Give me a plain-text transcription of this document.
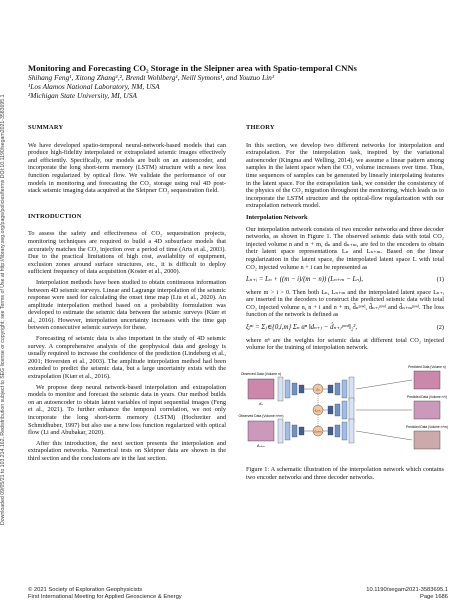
Downloaded 09/05/21 to 103.214.162. Redistribution subject to SEG license or copyright; see Terms of Use at http://library.seg.org/page/policies/terms DOI:10.1190/segam2021-3583695.1
Monitoring and Forecasting CO₂ Storage in the Sleipner area with Spatio-temporal CNNs
Shihang Feng¹, Xitong Zhang¹,², Brendt Wohlberg¹, Neill Symons¹, and Youzuo Lin¹
¹Los Alamos National Laboratory, NM, USA
²Michigan State University, MI, USA
SUMMARY

We have developed spatio-temporal neural-network-based models that can produce high-fidelity interpolated or extrapolated seismic images effectively and efficiently. Specifically, our models are built on an autoencoder, and incorporate the long short-term memory (LSTM) structure with a new loss function regularized by optical flow. We validate the performance of our models in monitoring and forecasting the CO₂ storage using real 4D post-stack seismic imaging data acquired at the Sleipner CO₂ sequestration field.

INTRODUCTION

To assess the safety and effectiveness of CO₂ sequestration projects, monitoring techniques are required to build a 4D subsurface models that accurately matches the CO₂ injection over a period of time (Arts et al., 2003). Due to the practical limitations of high cost, availability of equipment, exclusion zones around surface structures, etc., it is difficult to deploy sufficient frequency of data acquisition (Koster et al., 2000).

Interpolation methods have been studied to obtain continuous information between 4D seismic surveys. Linear and Lagrange interpolation of the seismic response were used for calculating the onset time map (Liu et al., 2020). An amplitude interpolation method based on a probability formulation was developed to estimate the seismic data between the seismic surveys (Kiær et al., 2016). However, interpolation uncertainty increases with the time gap between consecutive seismic surveys for these.

Forecasting of seismic data is also important in the study of 4D seismic survey. A comprehensive analysis of the geophysical data and geology is usually required to increase the confidence of the prediction (Lindeberg et al., 2001; Hoversten et al., 2003). The amplitude interpolation method had been extended to predict the seismic data, but a large uncertainty exists with the extrapolation (Kiær et al., 2016).

We propose deep neural network-based interpolation and extrapolation models to monitor and forecast the seismic data in years. Our method builds on an autoencoder to obtain latent variables of input sequential images (Feng et al., 2021). To further enhance the temporal correlation, we not only incorporate the long short-term memory (LSTM) (Hochreiter and Schmidhuber, 1997) but also use a new loss function regularized with optical flow (Li and Abubakar, 2020).

After this introduction, the next section presents the interpolation and extrapolation networks. Numerical tests on Sleipner data are shown in the third section and the conclusions are in the last section.

THEORY

In this section, we develop two different networks for interpolation and extrapolation. For the interpolation task, inspired by the variational autoencoder (Kingma and Welling, 2014), we assume a linear pattern among samples in the latent space when the CO₂ volume increases over time. Thus, time sequences of samples can be generated by linearly interpolating features in the latent space. For the extrapolation task, we consider the consistency of the physics of the CO₂ migration throughout the monitoring, which leads us to incorporate the LSTM structure and the optical-flow regularization with our extrapolation network model.

Interpolation Network

Our interpolation network consists of two encoder networks and three decoder networks, as shown in Figure 1. The observed seismic data with total CO₂ injected volume n and n + m, dₙ and dₙ₊ₘ, are fed to the encoders to obtain their latent space representations Lₙ and Lₙ₊ₘ. Based on the linear regularization in the latent space, the interpolated latent space L with total CO₂ injected volume n + i can be represented as

Lₙ₊ᵢ = Lₙ + ((m − i)/(m − n)) (Lₙ₊ₘ − Lₙ),	(1)

where m > i > 0. Then both Lₙ, Lₙ₊ₘ and the interpolated latent space Lₙ₊ᵢ are inserted in the decoders to construct the predicted seismic data with total CO₂ injected volume n, n + i and n + m, d̂ₙᵖʳᵉᵈ, d̂ₙ₊ᵢᵖʳᵉᵈ and d̂ₙ₊ₘᵖʳᵉᵈ. The loss function of the network is defined as

ξᵢⁿᵗ = Σⱼ∈{0,i,m} Σₙ αⁿ ‖dₙ₊ⱼ − d̂ₙ₊ⱼᵖʳᵉᵈ‖₂²,	(2)

where αⁿ are the weights for seismic data at different total CO₂ injected volume for the training of interpolation network.

Observed Data (Volume n)
dₙ
Observed Data (Volume n+m)
dₙ₊ₘ
Lₙ
Lₙ₊ᵢ
Lₙ₊ₘ
Predicted Data (Volume n)
Predicted Data (Volume n+i)
Predicted Data (Volume n+m)
Figure 1: A schematic illustration of the interpolation network which contains two encoder networks and three decoder networks.
© 2021 Society of Exploration Geophysicists
First International Meeting for Applied Geoscience & Energy
10.1190/segam2021-3583695.1
Page 1686
